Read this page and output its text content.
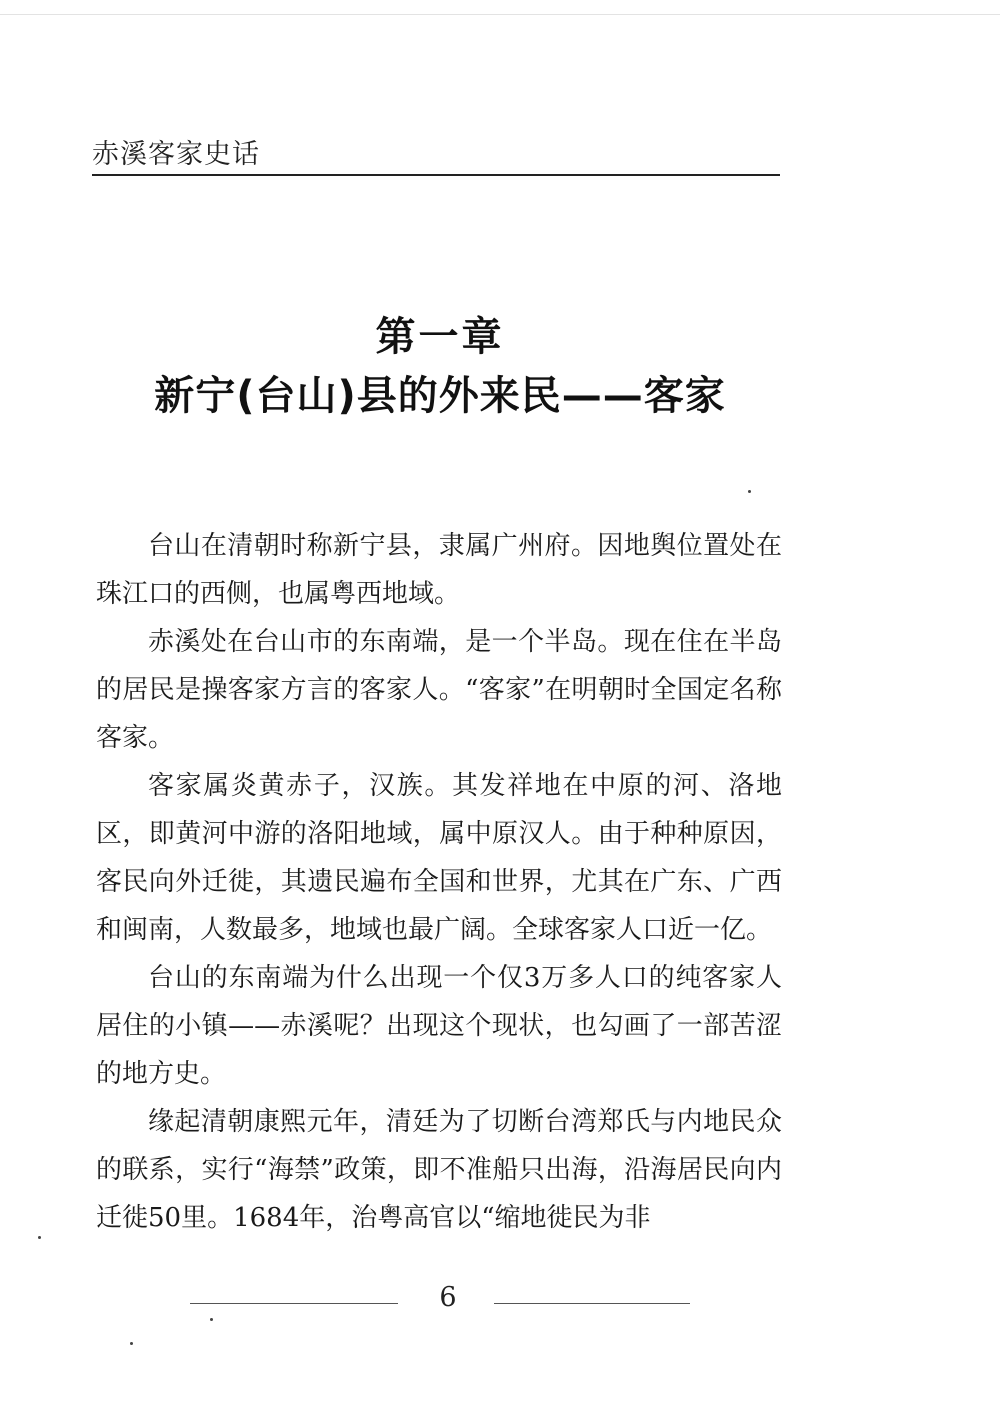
赤溪客家史话
第一章
新宁(台山)县的外来民——客家

台山在清朝时称新宁县，隶属广州府。因地舆位置处在珠江口的西侧，也属粤西地域。

赤溪处在台山市的东南端，是一个半岛。现在住在半岛的居民是操客家方言的客家人。“客家”在明朝时全国定名称客家。

客家属炎黄赤子，汉族。其发祥地在中原的河、洛地区，即黄河中游的洛阳地域，属中原汉人。由于种种原因，客民向外迁徙，其遗民遍布全国和世界，尤其在广东、广西和闽南，人数最多，地域也最广阔。全球客家人口近一亿。

台山的东南端为什么出现一个仅3万多人口的纯客家人居住的小镇——赤溪呢？出现这个现状，也勾画了一部苦涩的地方史。

缘起清朝康熙元年，清廷为了切断台湾郑氏与内地民众的联系，实行“海禁”政策，即不准船只出海，沿海居民向内迁徙50里。1684年，治粤高官以“缩地徙民为非

6
